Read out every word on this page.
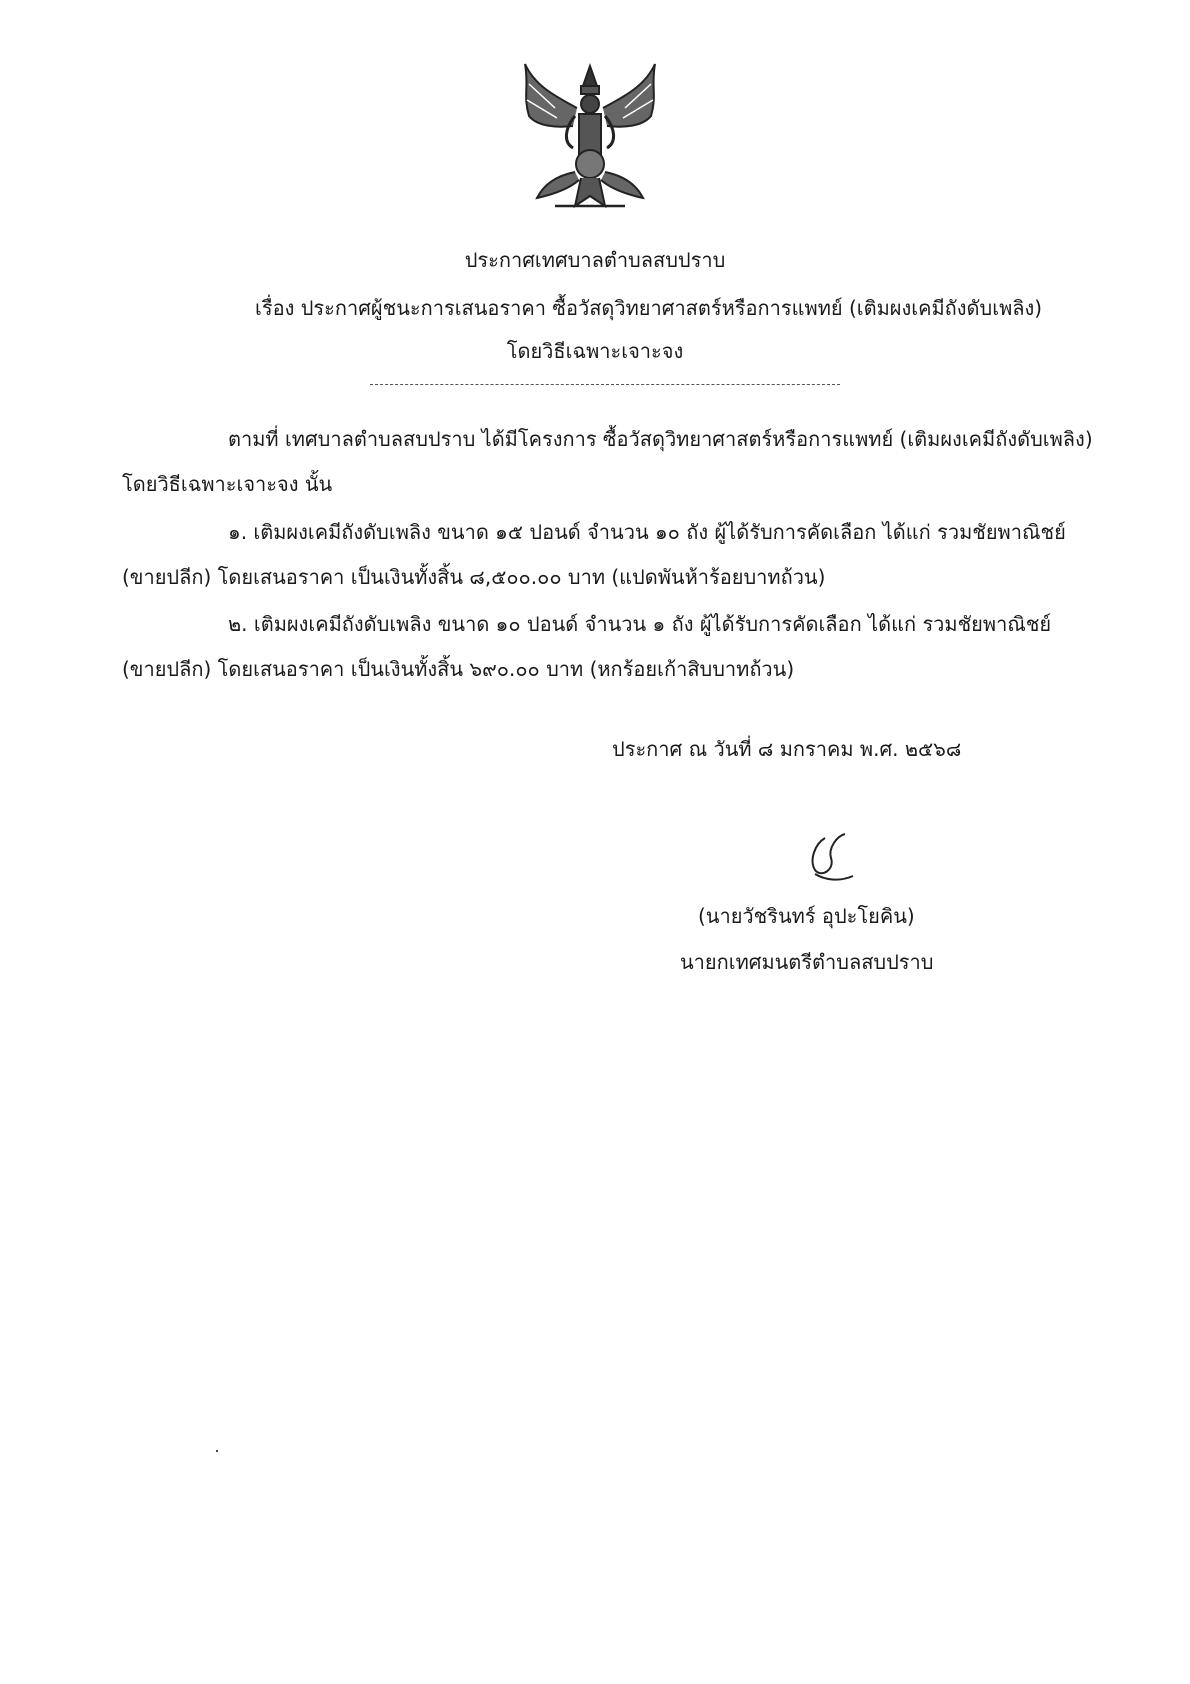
ประกาศเทศบาลตำบลสบปราบ
เรื่อง ประกาศผู้ชนะการเสนอราคา ซื้อวัสดุวิทยาศาสตร์หรือการแพทย์ (เติมผงเคมีถังดับเพลิง)
โดยวิธีเฉพาะเจาะจง
ตามที่ เทศบาลตำบลสบปราบ ได้มีโครงการ ซื้อวัสดุวิทยาศาสตร์หรือการแพทย์ (เติมผงเคมีถังดับเพลิง)
โดยวิธีเฉพาะเจาะจง นั้น
๑. เติมผงเคมีถังดับเพลิง ขนาด ๑๕ ปอนด์ จำนวน ๑๐ ถัง ผู้ได้รับการคัดเลือก ได้แก่ รวมชัยพาณิชย์
(ขายปลีก) โดยเสนอราคา เป็นเงินทั้งสิ้น ๘,๕๐๐.๐๐ บาท (แปดพันห้าร้อยบาทถ้วน)
๒. เติมผงเคมีถังดับเพลิง ขนาด ๑๐ ปอนด์ จำนวน ๑ ถัง ผู้ได้รับการคัดเลือก ได้แก่ รวมชัยพาณิชย์
(ขายปลีก) โดยเสนอราคา เป็นเงินทั้งสิ้น ๖๙๐.๐๐ บาท (หกร้อยเก้าสิบบาทถ้วน)
ประกาศ ณ วันที่ ๘ มกราคม พ.ศ. ๒๕๖๘
(นายวัชรินทร์ อุปะโยคิน)
นายกเทศมนตรีตำบลสบปราบ
